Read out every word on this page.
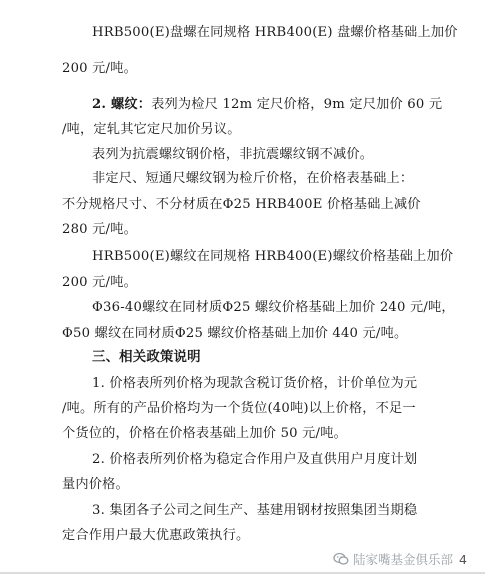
HRB500(E)盘螺在同规格 HRB400(E) 盘螺价格基础上加价
200 元/吨。
2. 螺纹：表列为检尺 12m 定尺价格，9m 定尺加价 60 元
/吨，定轧其它定尺加价另议。
表列为抗震螺纹钢价格，非抗震螺纹钢不减价。
非定尺、短通尺螺纹钢为检斤价格，在价格表基础上：
不分规格尺寸、不分材质在Φ25 HRB400E 价格基础上减价
280 元/吨。
HRB500(E)螺纹在同规格 HRB400(E)螺纹价格基础上加价
200 元/吨。
Φ36-40螺纹在同材质Φ25 螺纹价格基础上加价 240 元/吨，
Φ50 螺纹在同材质Φ25 螺纹价格基础上加价 440 元/吨。
三、相关政策说明
1. 价格表所列价格为现款含税订货价格，计价单位为元
/吨。所有的产品价格均为一个货位(40吨)以上价格，不足一
个货位的，价格在价格表基础上加价 50 元/吨。
2. 价格表所列价格为稳定合作用户及直供用户月度计划
量内价格。
3. 集团各子公司之间生产、基建用钢材按照集团当期稳
定合作用户最大优惠政策执行。
陆家嘴基金俱乐部 4
